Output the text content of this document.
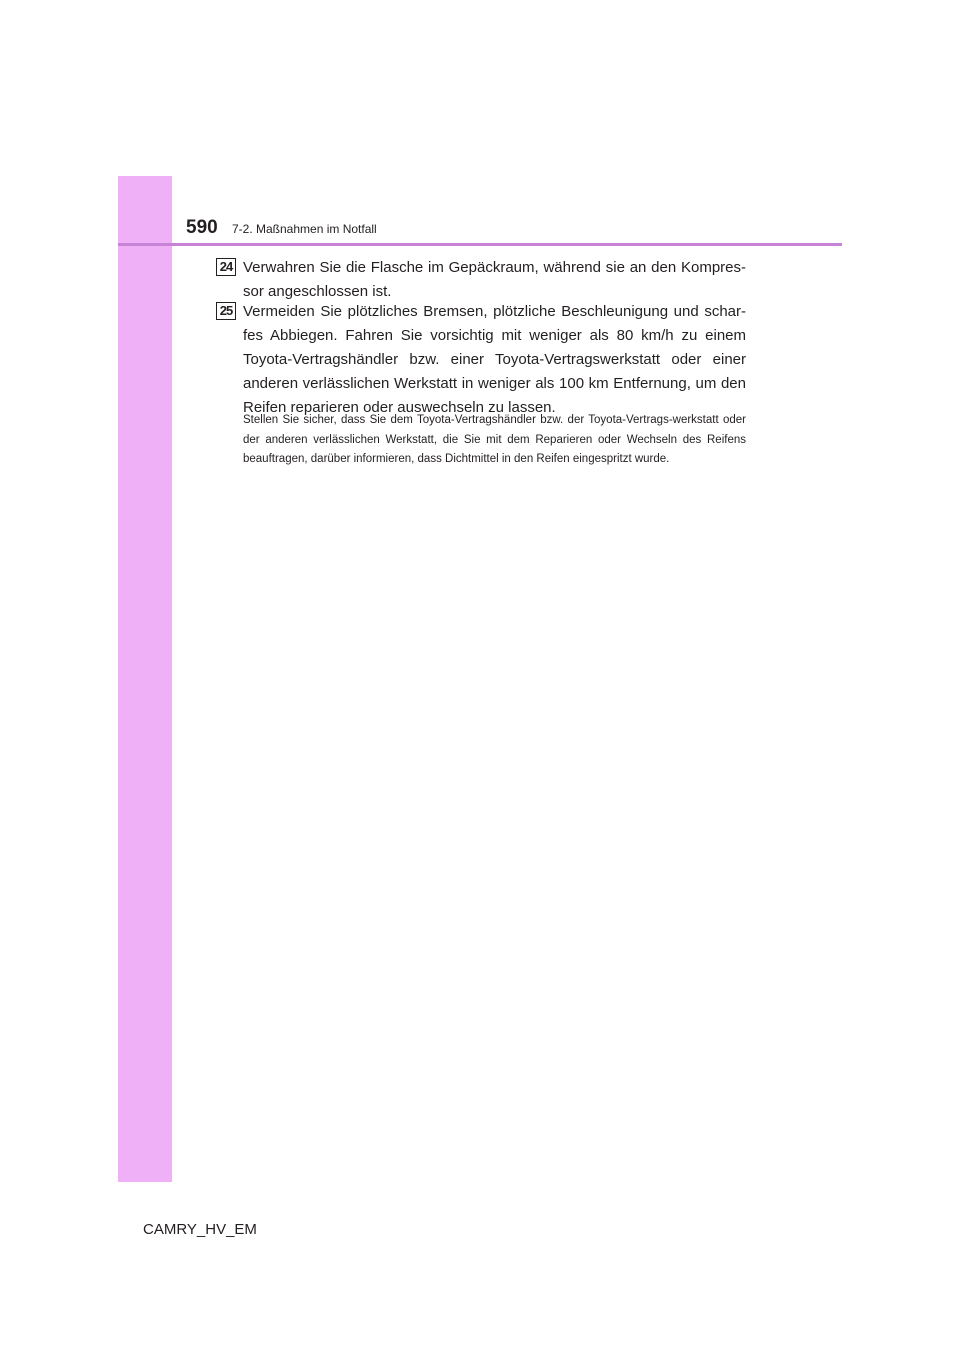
590 7-2. Maßnahmen im Notfall
24 Verwahren Sie die Flasche im Gepäckraum, während sie an den Kompres-sor angeschlossen ist.
25 Vermeiden Sie plötzliches Bremsen, plötzliche Beschleunigung und schar-fes Abbiegen. Fahren Sie vorsichtig mit weniger als 80 km/h zu einem Toyota-Vertragshändler bzw. einer Toyota-Vertragswerkstatt oder einer anderen verlässlichen Werkstatt in weniger als 100 km Entfernung, um den Reifen reparieren oder auswechseln zu lassen.
Stellen Sie sicher, dass Sie dem Toyota-Vertragshändler bzw. der Toyota-Vertrags-werkstatt oder der anderen verlässlichen Werkstatt, die Sie mit dem Reparieren oder Wechseln des Reifens beauftragen, darüber informieren, dass Dichtmittel in den Reifen eingespritzt wurde.
CAMRY_HV_EM
